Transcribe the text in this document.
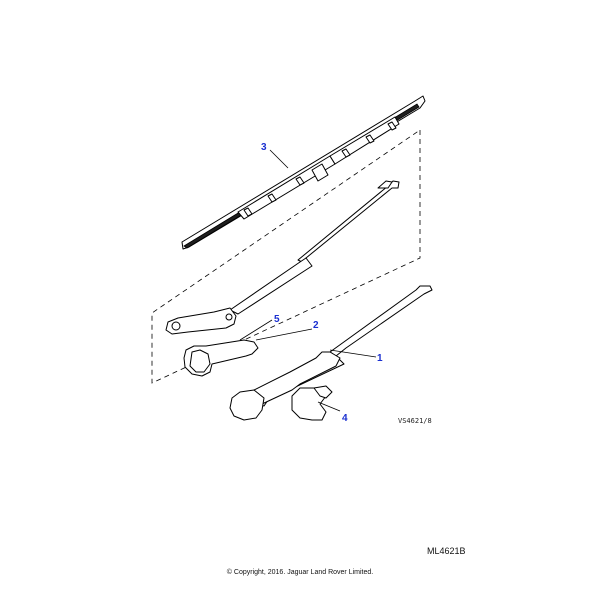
3
5
2
1
4	VS4621/8
ML4621B
© Copyright, 2016. Jaguar Land Rover Limited.
